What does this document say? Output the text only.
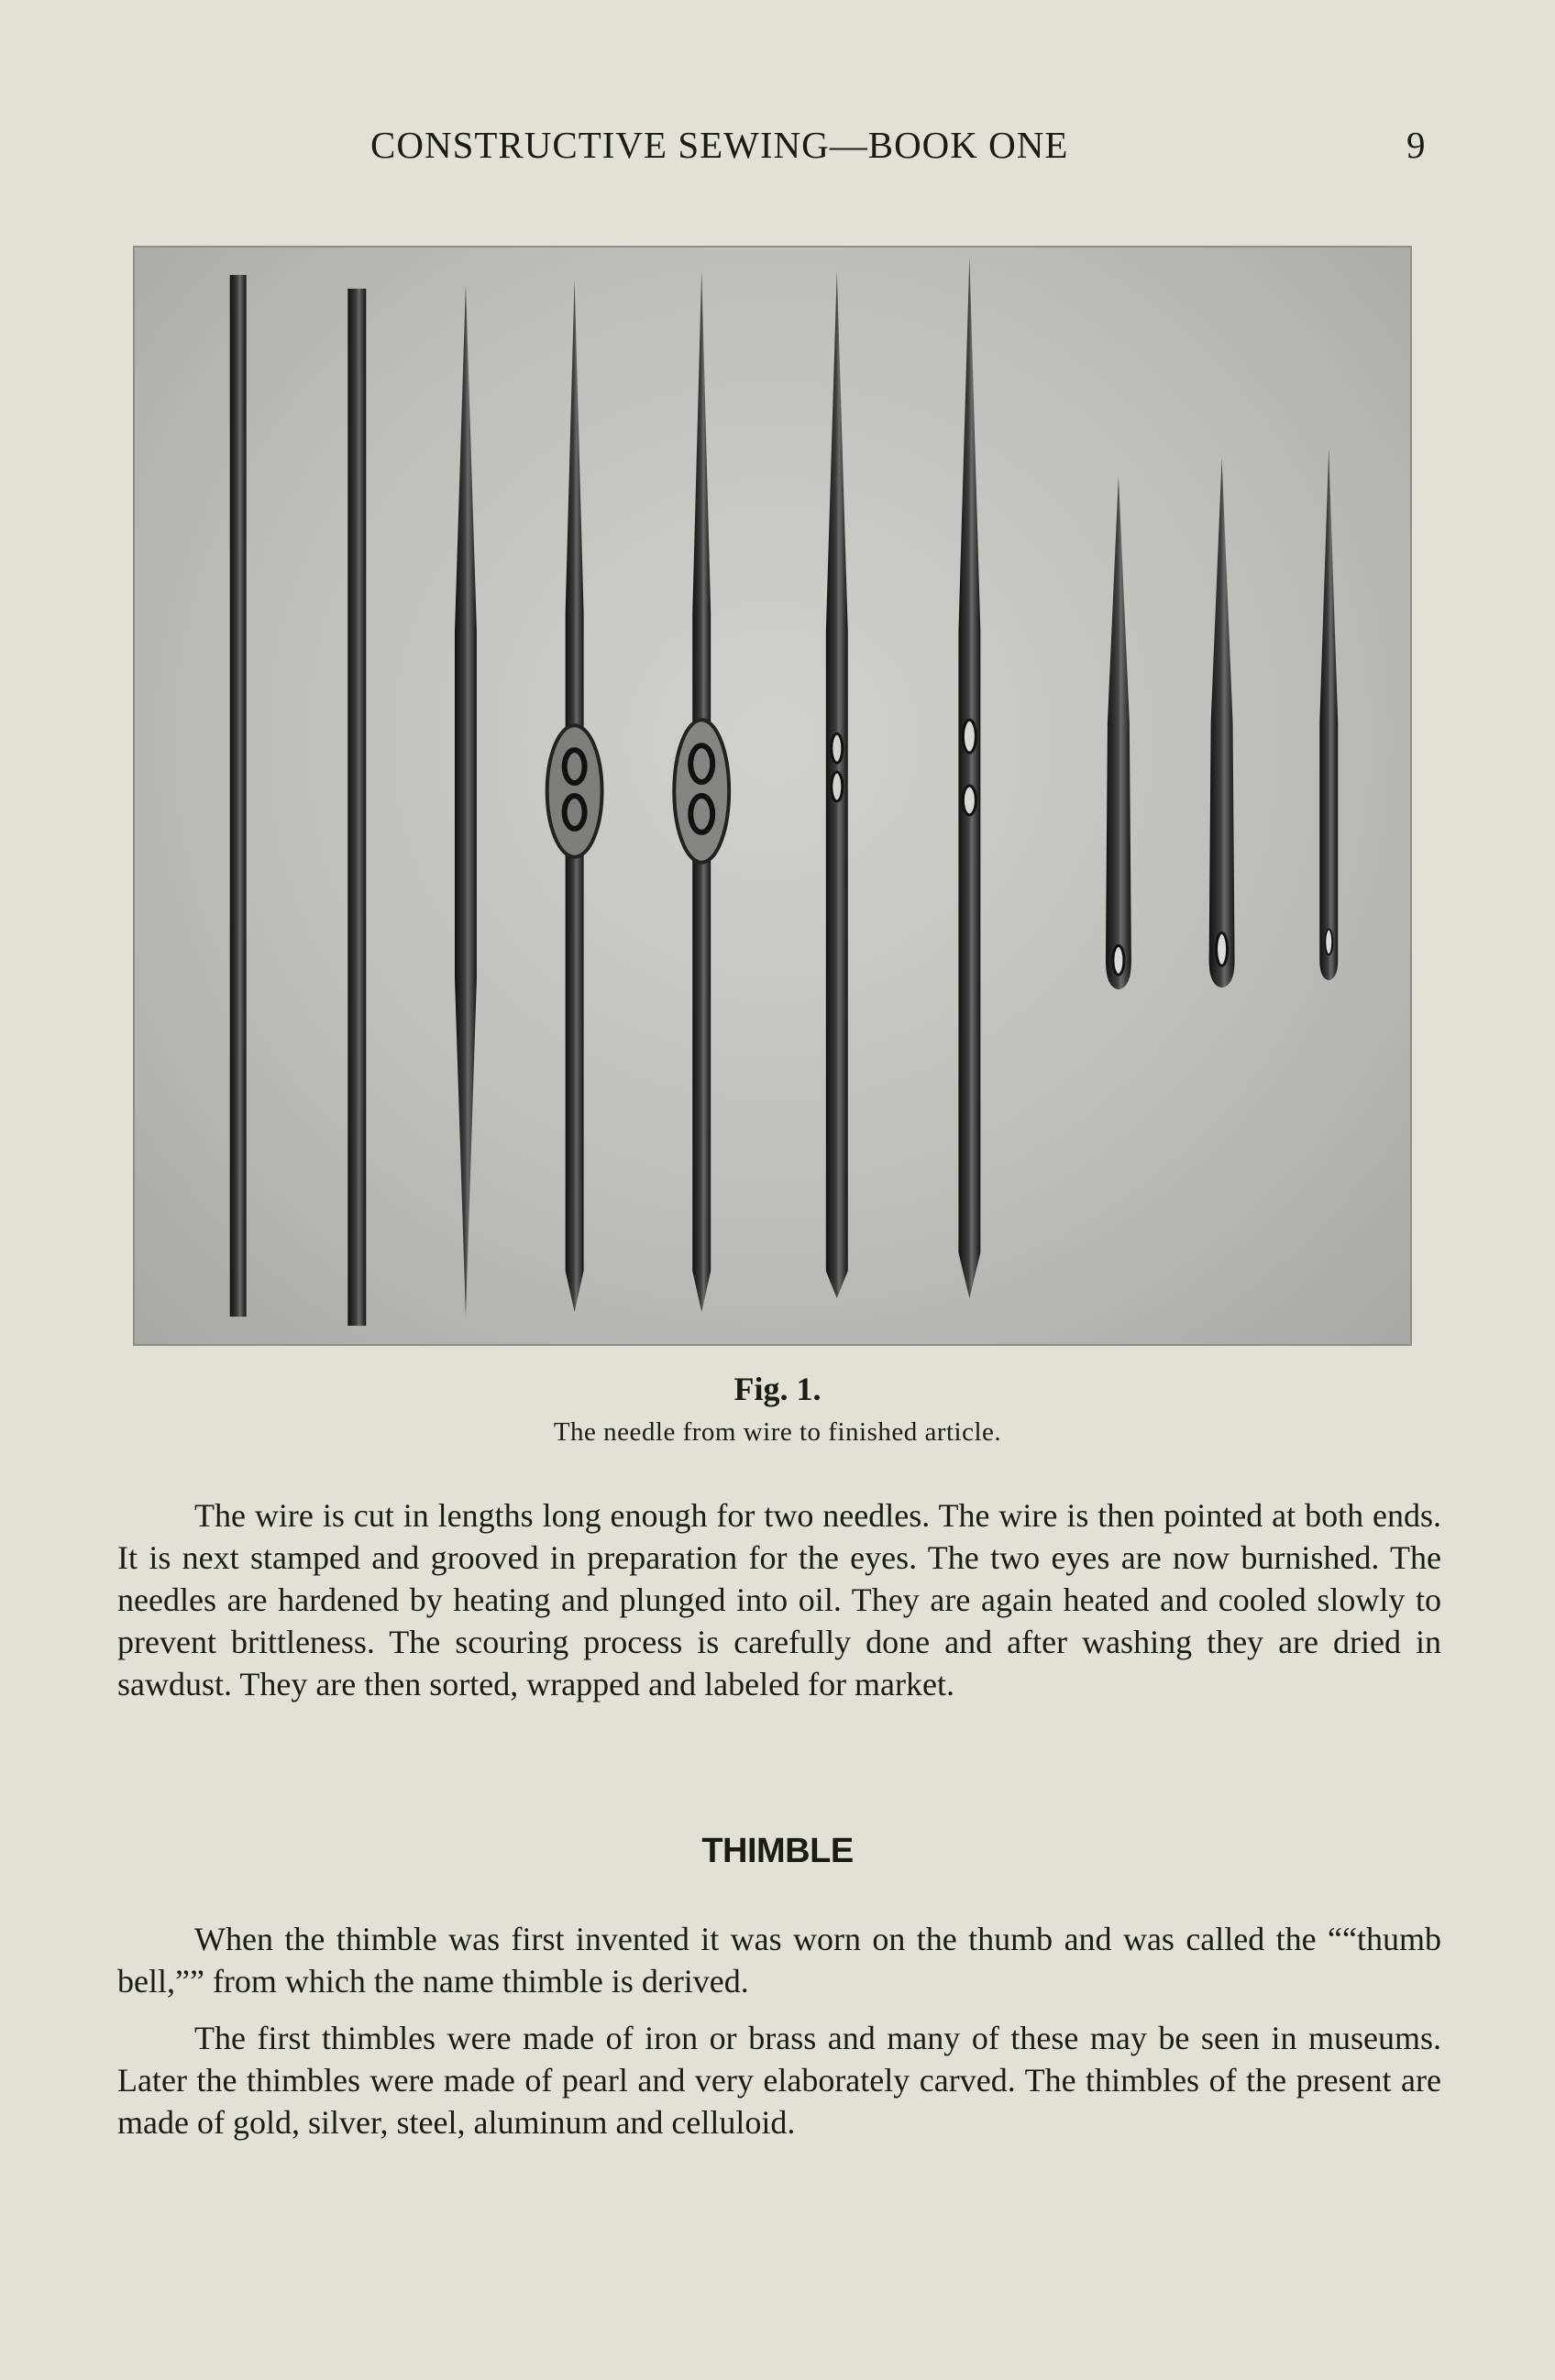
CONSTRUCTIVE SEWING—BOOK ONE	9
Fig. 1.
The needle from wire to finished article.

The wire is cut in lengths long enough for two needles. The wire is then pointed at both ends. It is next stamped and grooved in preparation for the eyes. The two eyes are now burnished. The needles are hardened by heating and plunged into oil. They are again heated and cooled slowly to prevent brittleness. The scouring process is carefully done and after washing they are dried in sawdust. They are then sorted, wrapped and labeled for market.

THIMBLE

When the thimble was first invented it was worn on the thumb and was called the ““thumb bell,”” from which the name thimble is derived.

The first thimbles were made of iron or brass and many of these may be seen in museums. Later the thimbles were made of pearl and very elaborately carved. The thimbles of the present are made of gold, silver, steel, aluminum and celluloid.
